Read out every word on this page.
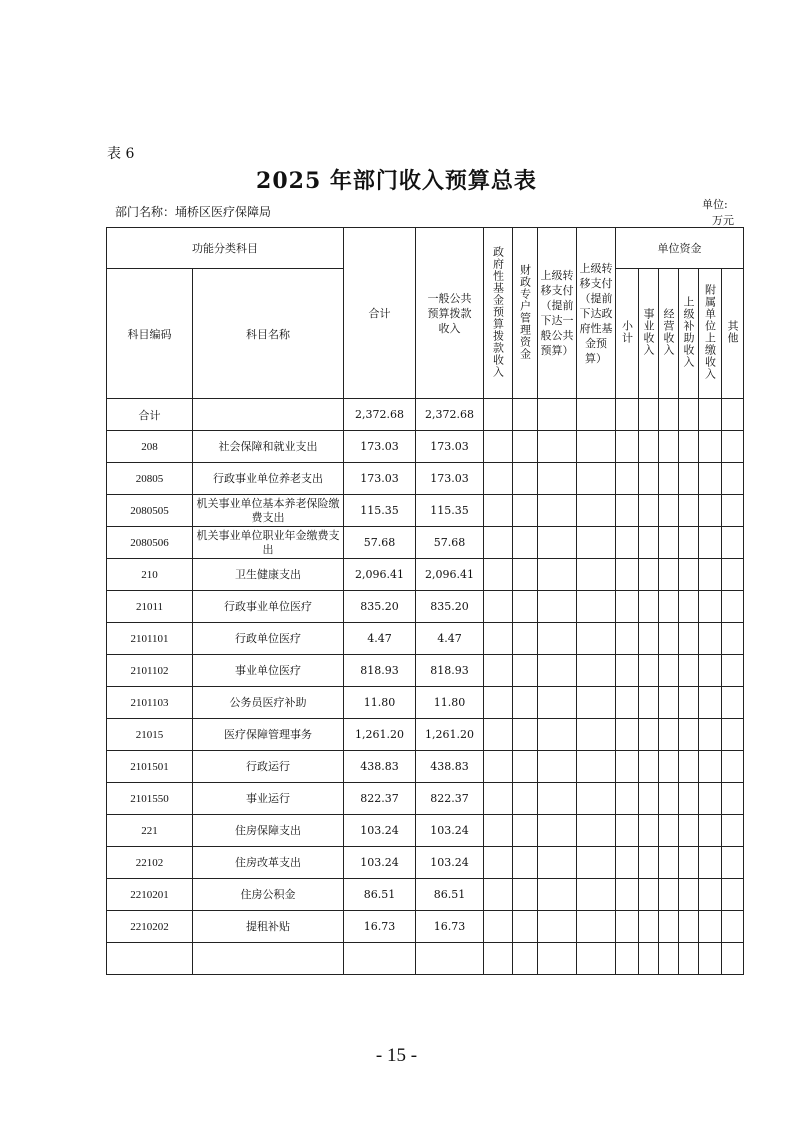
表 6
2025 年部门收入预算总表
部门名称：埇桥区医疗保障局
单位:
万元
功能分类科目		合计	一般公共预算拨款收入	政府性基金预算拨款收入	财政专户管理资金	上级转移支付（提前下达一般公共预算）	上级转移支付（提前下达政府性基金预算）	单位资金					
科目编码	科目名称							小计	事业收入	经营收入	上级补助收入	附属单位上缴收入	其他
合计		2,372.68	2,372.68										
208	社会保障和就业支出	173.03	173.03										
20805	行政事业单位养老支出	173.03	173.03										
2080505	机关事业单位基本养老保险缴费支出	115.35	115.35										
2080506	机关事业单位职业年金缴费支出	57.68	57.68										
210	卫生健康支出	2,096.41	2,096.41										
21011	行政事业单位医疗	835.20	835.20										
2101101	行政单位医疗	4.47	4.47										
2101102	事业单位医疗	818.93	818.93										
2101103	公务员医疗补助	11.80	11.80										
21015	医疗保障管理事务	1,261.20	1,261.20										
2101501	行政运行	438.83	438.83										
2101550	事业运行	822.37	822.37										
221	住房保障支出	103.24	103.24										
22102	住房改革支出	103.24	103.24										
2210201	住房公积金	86.51	86.51										
2210202	提租补贴	16.73	16.73										

- 15 -
